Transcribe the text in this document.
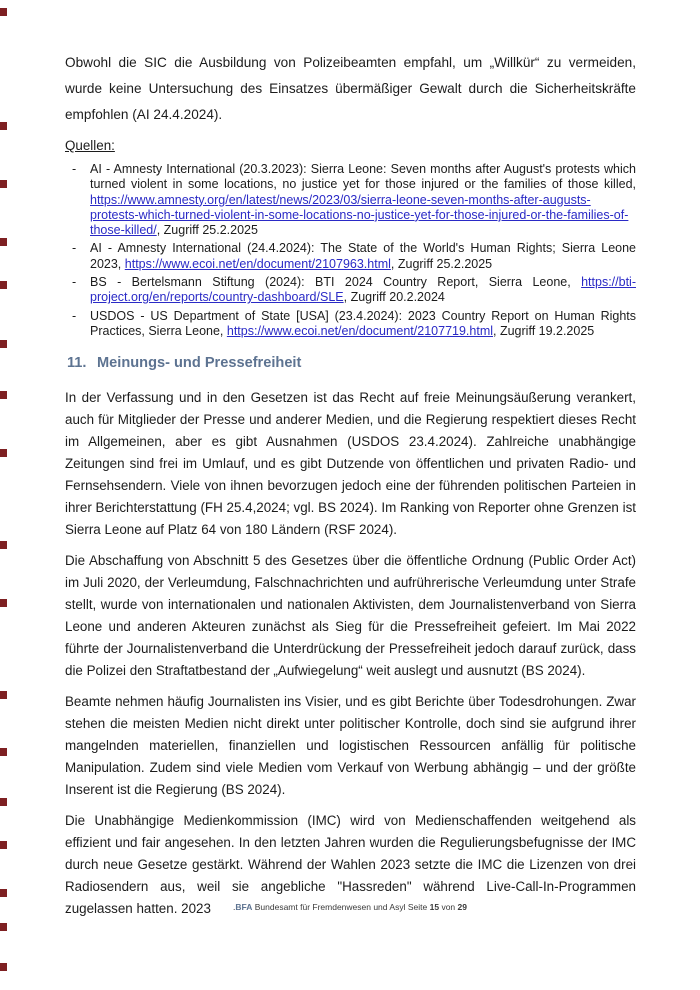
Obwohl die SIC die Ausbildung von Polizeibeamten empfahl, um „Willkür“ zu vermeiden, wurde keine Untersuchung des Einsatzes übermäßiger Gewalt durch die Sicherheitskräfte empfohlen (AI 24.4.2024).

Quellen:

-	AI - Amnesty International (20.3.2023): Sierra Leone: Seven months after August's protests which turned violent in some locations, no justice yet for those injured or the families of those killed, https://www.amnesty.org/en/latest/news/2023/03/sierra-leone-seven-months-after-augusts-protests-which-turned-violent-in-some-locations-no-justice-yet-for-those-injured-or-the-families-of-those-killed/, Zugriff 25.2.2025
-	AI - Amnesty International (24.4.2024): The State of the World's Human Rights; Sierra Leone 2023, https://www.ecoi.net/en/document/2107963.html, Zugriff 25.2.2025
-	BS - Bertelsmann Stiftung (2024): BTI 2024 Country Report, Sierra Leone, https://bti-project.org/en/reports/country-dashboard/SLE, Zugriff 20.2.2024
-	USDOS - US Department of State [USA] (23.4.2024): 2023 Country Report on Human Rights Practices, Sierra Leone, https://www.ecoi.net/en/document/2107719.html, Zugriff 19.2.2025
11. Meinungs- und Pressefreiheit

In der Verfassung und in den Gesetzen ist das Recht auf freie Meinungsäußerung verankert, auch für Mitglieder der Presse und anderer Medien, und die Regierung respektiert dieses Recht im Allgemeinen, aber es gibt Ausnahmen (USDOS 23.4.2024). Zahlreiche unabhängige Zeitungen sind frei im Umlauf, und es gibt Dutzende von öffentlichen und privaten Radio- und Fernsehsendern. Viele von ihnen bevorzugen jedoch eine der führenden politischen Parteien in ihrer Berichterstattung (FH 25.4,2024; vgl. BS 2024). Im Ranking von Reporter ohne Grenzen ist Sierra Leone auf Platz 64 von 180 Ländern (RSF 2024).

Die Abschaffung von Abschnitt 5 des Gesetzes über die öffentliche Ordnung (Public Order Act) im Juli 2020, der Verleumdung, Falschnachrichten und aufrührerische Verleumdung unter Strafe stellt, wurde von internationalen und nationalen Aktivisten, dem Journalistenverband von Sierra Leone und anderen Akteuren zunächst als Sieg für die Pressefreiheit gefeiert. Im Mai 2022 führte der Journalistenverband die Unterdrückung der Pressefreiheit jedoch darauf zurück, dass die Polizei den Straftatbestand der „Aufwiegelung“ weit auslegt und ausnutzt (BS 2024).

Beamte nehmen häufig Journalisten ins Visier, und es gibt Berichte über Todesdrohungen. Zwar stehen die meisten Medien nicht direkt unter politischer Kontrolle, doch sind sie aufgrund ihrer mangelnden materiellen, finanziellen und logistischen Ressourcen anfällig für politische Manipulation. Zudem sind viele Medien vom Verkauf von Werbung abhängig – und der größte Inserent ist die Regierung (BS 2024).

Die Unabhängige Medienkommission (IMC) wird von Medienschaffenden weitgehend als effizient und fair angesehen. In den letzten Jahren wurden die Regulierungsbefugnisse der IMC durch neue Gesetze gestärkt. Während der Wahlen 2023 setzte die IMC die Lizenzen von drei Radiosendern aus, weil sie angebliche "Hassreden" während Live-Call-In-Programmen zugelassen hatten. 2023	.BFA Bundesamt für Fremdenwesen und Asyl Seite 15 von 29
